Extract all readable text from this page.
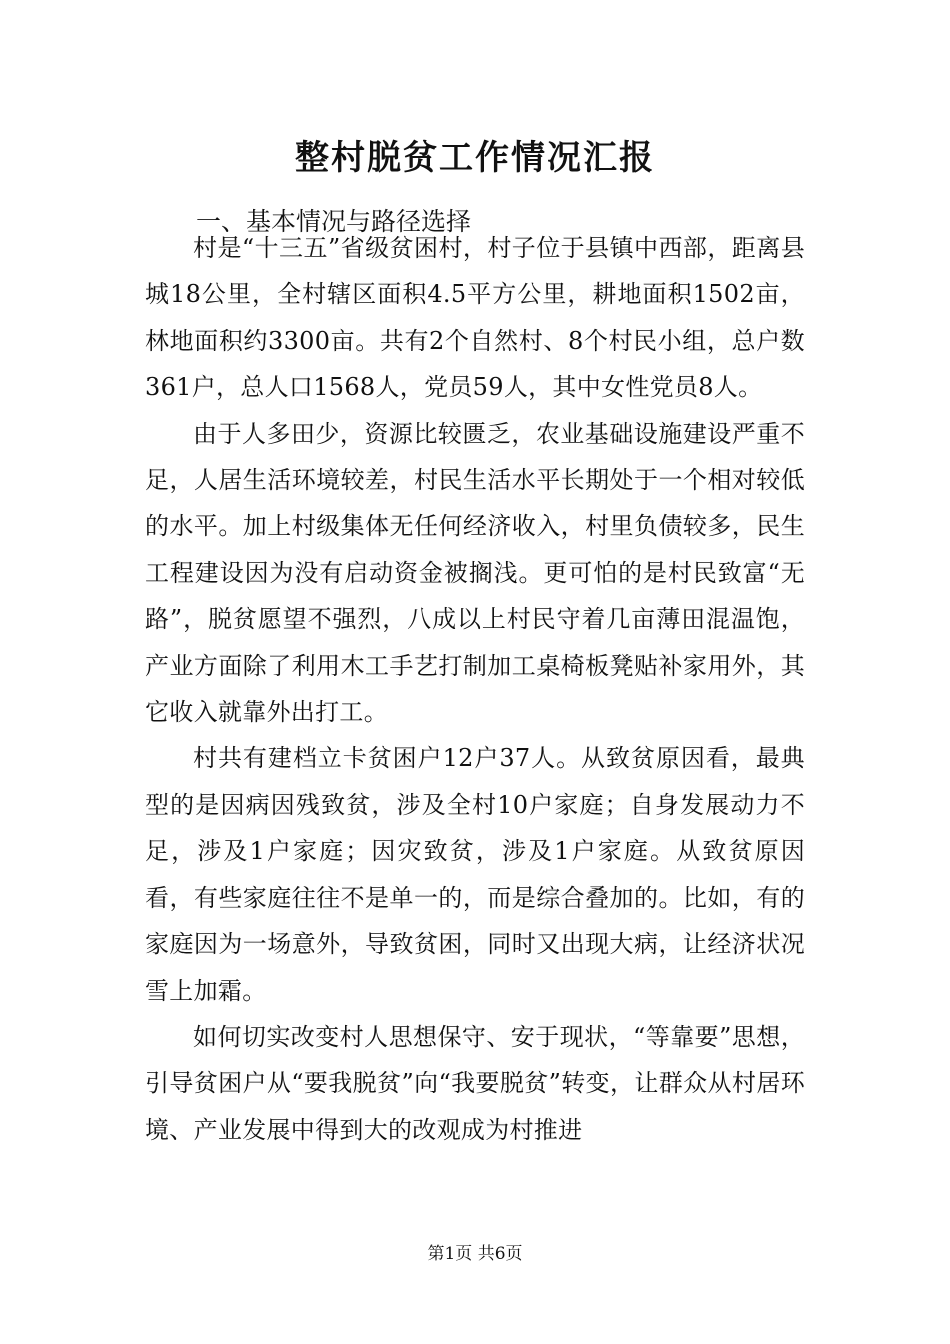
整村脱贫工作情况汇报
一、基本情况与路径选择

村是“十三五”省级贫困村，村子位于县镇中西部，距离县城18公里，全村辖区面积4.5平方公里，耕地面积1502亩，林地面积约3300亩。共有2个自然村、8个村民小组，总户数361户，总人口1568人，党员59人，其中女性党员8人。

由于人多田少，资源比较匮乏，农业基础设施建设严重不足，人居生活环境较差，村民生活水平长期处于一个相对较低的水平。加上村级集体无任何经济收入，村里负债较多，民生工程建设因为没有启动资金被搁浅。更可怕的是村民致富“无路”，脱贫愿望不强烈，八成以上村民守着几亩薄田混温饱，产业方面除了利用木工手艺打制加工桌椅板凳贴补家用外，其它收入就靠外出打工。

村共有建档立卡贫困户12户37人。从致贫原因看，最典型的是因病因残致贫，涉及全村10户家庭；自身发展动力不足，涉及1户家庭；因灾致贫，涉及1户家庭。从致贫原因看，有些家庭往往不是单一的，而是综合叠加的。比如，有的家庭因为一场意外，导致贫困，同时又出现大病，让经济状况雪上加霜。

如何切实改变村人思想保守、安于现状，“等靠要”思想，引导贫困户从“要我脱贫”向“我要脱贫”转变，让群众从村居环境、产业发展中得到大的改观成为村推进

第1页 共6页
